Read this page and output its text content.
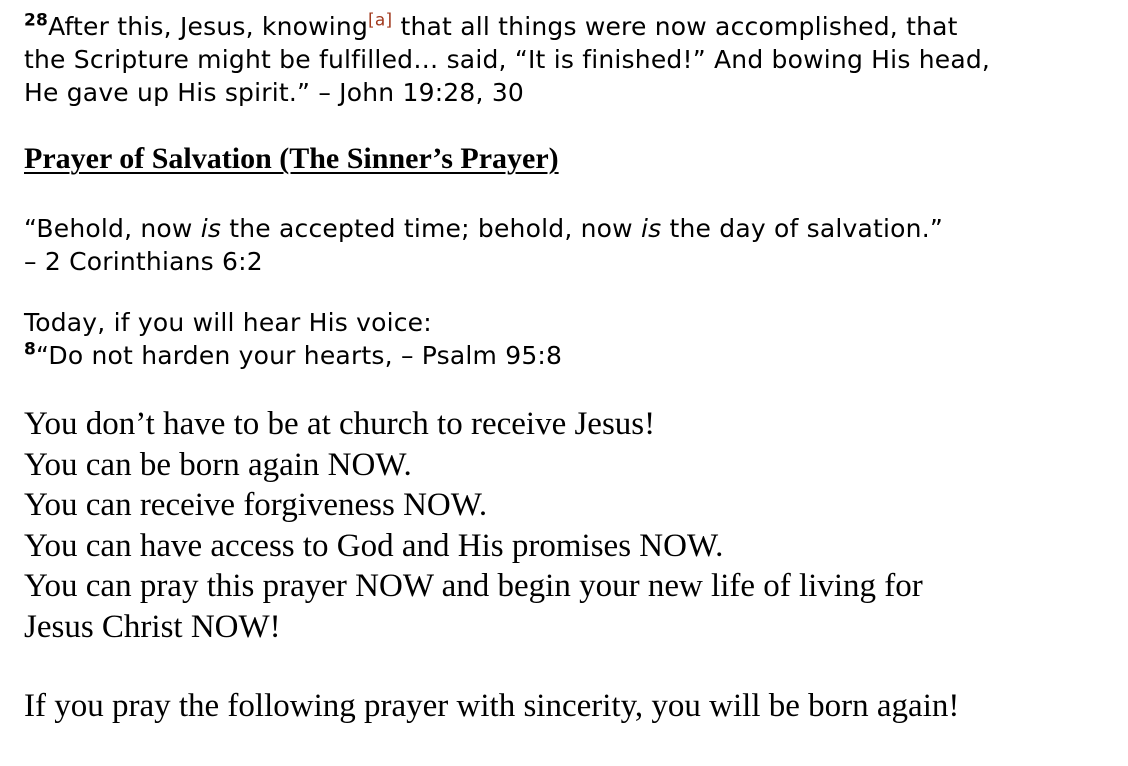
$^{28}$After this, Jesus, knowing[a] that all things were now accomplished, that
the Scripture might be fulfilled… said, “It is finished!” And bowing His head,
He gave up His spirit.” – John 19:28, 30
Prayer of Salvation (The Sinner’s Prayer)
“Behold, now is the accepted time; behold, now is the day of salvation.”
– 2 Corinthians 6:2
Today, if you will hear His voice:
$^8$“Do not harden your hearts, – Psalm 95:8
You don’t have to be at church to receive Jesus!
You can be born again NOW.
You can receive forgiveness NOW.
You can have access to God and His promises NOW.
You can pray this prayer NOW and begin your new life of living for
Jesus Christ NOW!
If you pray the following prayer with sincerity, you will be born again!
